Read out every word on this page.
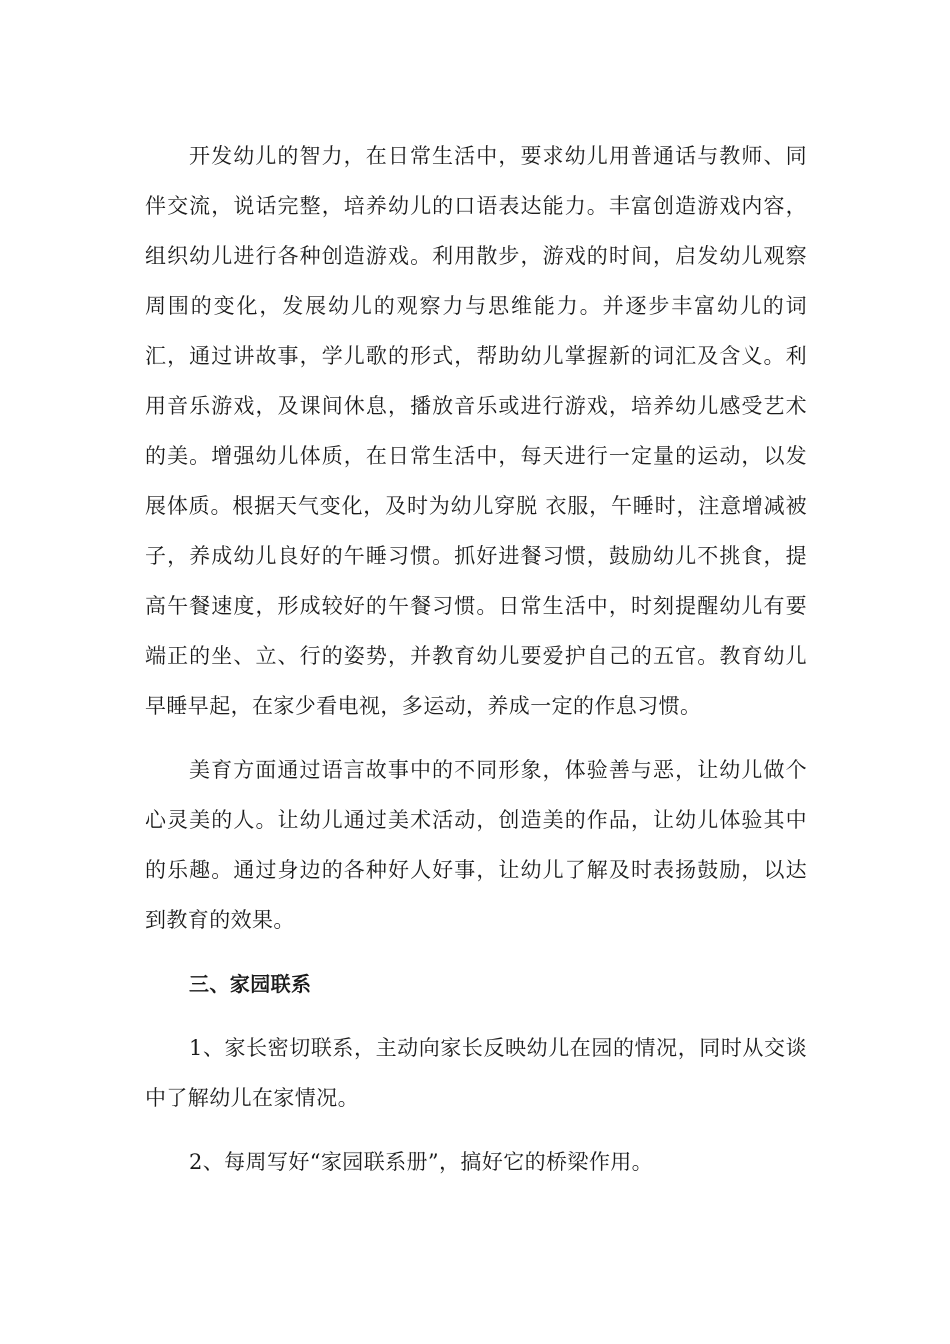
开发幼儿的智力，在日常生活中，要求幼儿用普通话与教师、同伴交流，说话完整，培养幼儿的口语表达能力。丰富创造游戏内容，组织幼儿进行各种创造游戏。利用散步，游戏的时间，启发幼儿观察周围的变化，发展幼儿的观察力与思维能力。并逐步丰富幼儿的词汇，通过讲故事，学儿歌的形式，帮助幼儿掌握新的词汇及含义。利用音乐游戏，及课间休息，播放音乐或进行游戏，培养幼儿感受艺术的美。增强幼儿体质，在日常生活中，每天进行一定量的运动，以发展体质。根据天气变化，及时为幼儿穿脱 衣服，午睡时，注意增减被子，养成幼儿良好的午睡习惯。抓好进餐习惯，鼓励幼儿不挑食，提高午餐速度，形成较好的午餐习惯。日常生活中，时刻提醒幼儿有要端正的坐、立、行的姿势，并教育幼儿要爱护自己的五官。教育幼儿早睡早起，在家少看电视，多运动，养成一定的作息习惯。

美育方面通过语言故事中的不同形象，体验善与恶，让幼儿做个心灵美的人。让幼儿通过美术活动，创造美的作品，让幼儿体验其中的乐趣。通过身边的各种好人好事，让幼儿了解及时表扬鼓励，以达到教育的效果。

三、家园联系

1、家长密切联系，主动向家长反映幼儿在园的情况，同时从交谈中了解幼儿在家情况。

2、每周写好“家园联系册”，搞好它的桥梁作用。
